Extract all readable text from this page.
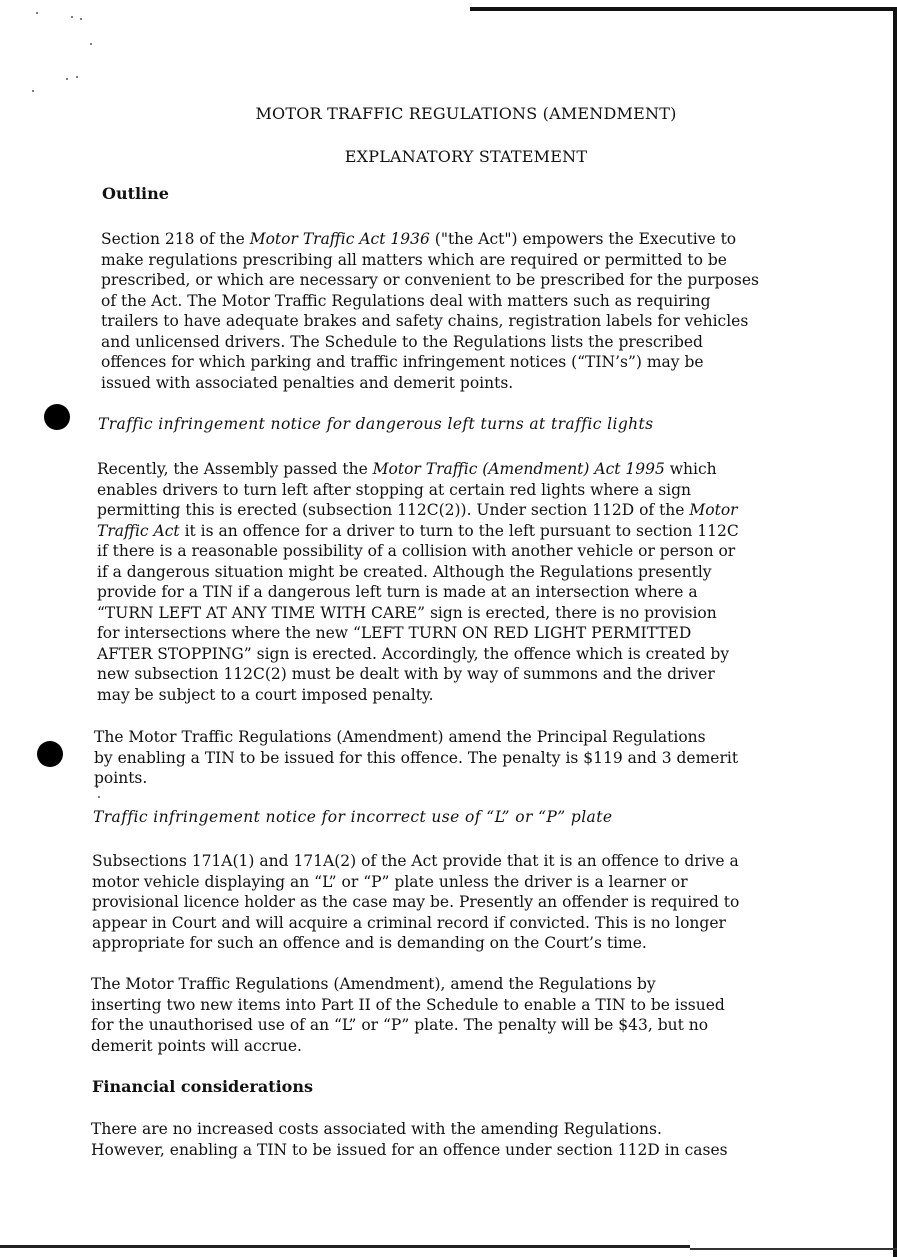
MOTOR TRAFFIC REGULATIONS (AMENDMENT)
EXPLANATORY STATEMENT
Outline
Section 218 of the Motor Traffic Act 1936 ("the Act") empowers the Executive to
make regulations prescribing all matters which are required or permitted to be
prescribed, or which are necessary or convenient to be prescribed for the purposes
of the Act. The Motor Traffic Regulations deal with matters such as requiring
trailers to have adequate brakes and safety chains, registration labels for vehicles
and unlicensed drivers. The Schedule to the Regulations lists the prescribed
offences for which parking and traffic infringement notices (“TIN’s”) may be
issued with associated penalties and demerit points.
Traffic infringement notice for dangerous left turns at traffic lights
Recently, the Assembly passed the Motor Traffic (Amendment) Act 1995 which
enables drivers to turn left after stopping at certain red lights where a sign
permitting this is erected (subsection 112C(2)). Under section 112D of the Motor
Traffic Act it is an offence for a driver to turn to the left pursuant to section 112C
if there is a reasonable possibility of a collision with another vehicle or person or
if a dangerous situation might be created. Although the Regulations presently
provide for a TIN if a dangerous left turn is made at an intersection where a
“TURN LEFT AT ANY TIME WITH CARE” sign is erected, there is no provision
for intersections where the new “LEFT TURN ON RED LIGHT PERMITTED
AFTER STOPPING” sign is erected. Accordingly, the offence which is created by
new subsection 112C(2) must be dealt with by way of summons and the driver
may be subject to a court imposed penalty.
The Motor Traffic Regulations (Amendment) amend the Principal Regulations
by enabling a TIN to be issued for this offence. The penalty is $119 and 3 demerit
points.
Traffic infringement notice for incorrect use of “L” or “P” plate
Subsections 171A(1) and 171A(2) of the Act provide that it is an offence to drive a
motor vehicle displaying an “L” or “P” plate unless the driver is a learner or
provisional licence holder as the case may be. Presently an offender is required to
appear in Court and will acquire a criminal record if convicted. This is no longer
appropriate for such an offence and is demanding on the Court’s time.
The Motor Traffic Regulations (Amendment), amend the Regulations by
inserting two new items into Part II of the Schedule to enable a TIN to be issued
for the unauthorised use of an “L” or “P” plate. The penalty will be $43, but no
demerit points will accrue.
Financial considerations
There are no increased costs associated with the amending Regulations.
However, enabling a TIN to be issued for an offence under section 112D in cases
